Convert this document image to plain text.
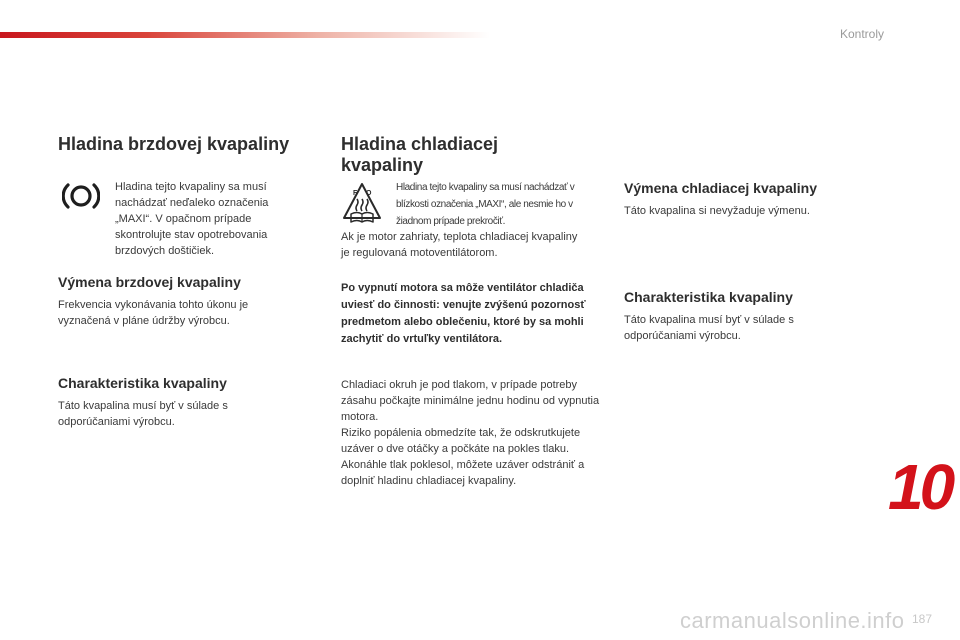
Kontroly
Hladina brzdovej kvapaliny

Hladina tejto kvapaliny sa musí nachádzať neďaleko označenia „MAXI“. V opačnom prípade skontrolujte stav opotrebovania brzdových doštičiek.

Výmena brzdovej kvapaliny

Frekvencia vykonávania tohto úkonu je vyznačená v pláne údržby výrobcu.

Charakteristika kvapaliny

Táto kvapalina musí byť v súlade s odporúčaniami výrobcu.

Hladina chladiacej kvapaliny
F O

Hladina tejto kvapaliny sa musí nachádzať v blízkosti označenia „MAXI“, ale nesmie ho v žiadnom prípade prekročiť.

Ak je motor zahriaty, teplota chladiacej kvapaliny je regulovaná motoventilátorom.

Po vypnutí motora sa môže ventilátor chladiča uviesť do činnosti: venujte zvýšenú pozornosť predmetom alebo oblečeniu, ktoré by sa mohli zachytiť do vrtuľky ventilátora.

Chladiaci okruh je pod tlakom, v prípade potreby zásahu počkajte minimálne jednu hodinu od vypnutia motora.

Riziko popálenia obmedzíte tak, že odskrutkujete uzáver o dve otáčky a počkáte na pokles tlaku. Akonáhle tlak poklesol, môžete uzáver odstrániť a doplniť hladinu chladiacej kvapaliny.

Výmena chladiacej kvapaliny

Táto kvapalina si nevyžaduje výmenu.

Charakteristika kvapaliny

Táto kvapalina musí byť v súlade s odporúčaniami výrobcu.

10
carmanualsonline.info 187
